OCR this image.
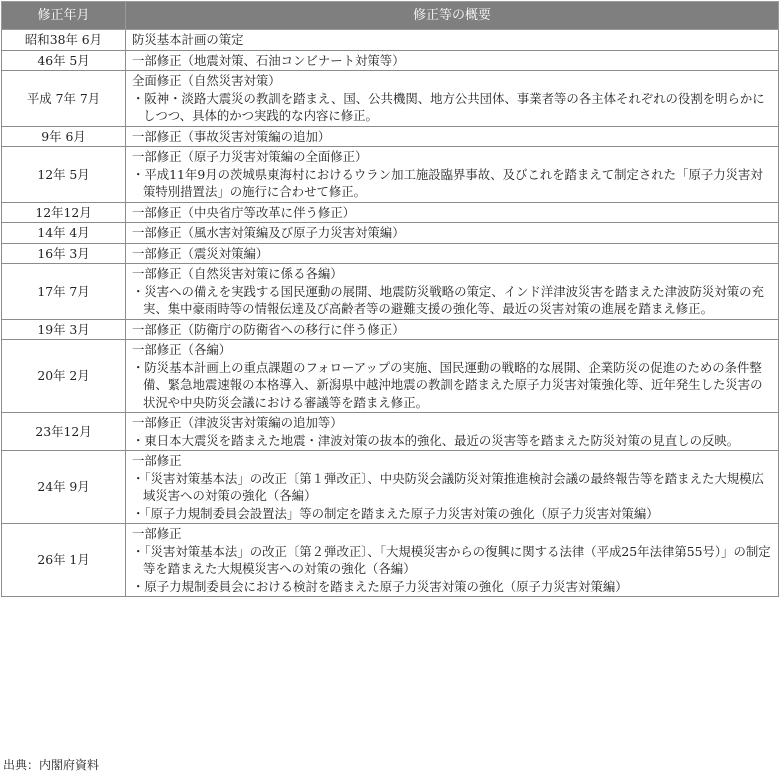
修正年月	修正等の概要
昭和38年 6月	防災基本計画の策定

46年 5月	一部修正（地震対策、石油コンビナート対策等）

平成 7年 7月	全面修正（自然災害対策）
・阪神・淡路大震災の教訓を踏まえ、国、公共機関、地方公共団体、事業者等の各主体それぞれの役割を明らかにしつつ、具体的かつ実践的な内容に修正。

9年 6月	一部修正（事故災害対策編の追加）

12年 5月	一部修正（原子力災害対策編の全面修正）
・平成11年9月の茨城県東海村におけるウラン加工施設臨界事故、及びこれを踏まえて制定された「原子力災害対策特別措置法」の施行に合わせて修正。

12年12月	一部修正（中央省庁等改革に伴う修正）

14年 4月	一部修正（風水害対策編及び原子力災害対策編）

16年 3月	一部修正（震災対策編）

17年 7月	一部修正（自然災害対策に係る各編）
・災害への備えを実践する国民運動の展開、地震防災戦略の策定、インド洋津波災害を踏まえた津波防災対策の充実、集中豪雨時等の情報伝達及び高齢者等の避難支援の強化等、最近の災害対策の進展を踏まえ修正。

19年 3月	一部修正（防衛庁の防衛省への移行に伴う修正）

20年 2月	一部修正（各編）
・防災基本計画上の重点課題のフォローアップの実施、国民運動の戦略的な展開、企業防災の促進のための条件整備、緊急地震速報の本格導入、新潟県中越沖地震の教訓を踏まえた原子力災害対策強化等、近年発生した災害の状況や中央防災会議における審議等を踏まえ修正。

23年12月	一部修正（津波災害対策編の追加等）
・東日本大震災を踏まえた地震・津波対策の抜本的強化、最近の災害等を踏まえた防災対策の見直しの反映。

24年 9月	一部修正
・「災害対策基本法」の改正〔第１弾改正〕、中央防災会議防災対策推進検討会議の最終報告等を踏まえた大規模広域災害への対策の強化（各編）
・「原子力規制委員会設置法」等の制定を踏まえた原子力災害対策の強化（原子力災害対策編）

26年 1月	一部修正
・「災害対策基本法」の改正〔第２弾改正〕、「大規模災害からの復興に関する法律（平成25年法律第55号）」の制定等を踏まえた大規模災害への対策の強化（各編）
・原子力規制委員会における検討を踏まえた原子力災害対策の強化（原子力災害対策編）
出典：内閣府資料
